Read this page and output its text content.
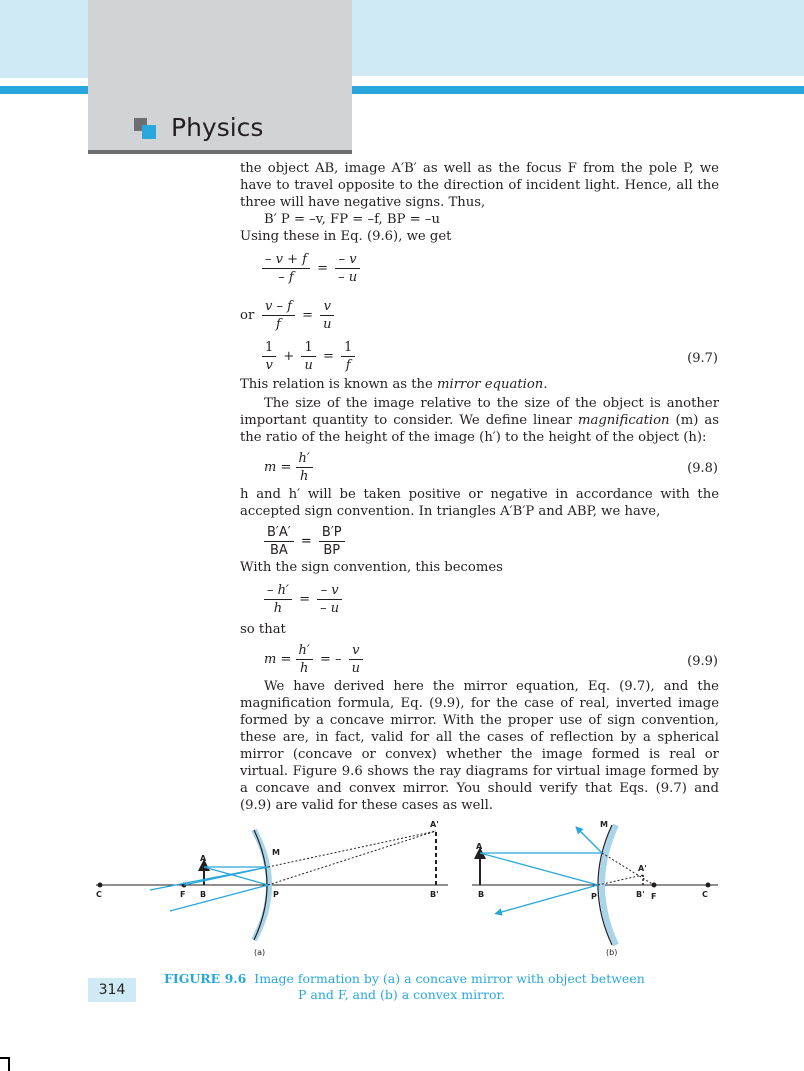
Physics
the object AB, image A′B′ as well as the focus F from the pole P, we have to travel opposite to the direction of incident light. Hence, all the three will have negative signs. Thus,
B′ P = –v, FP = –f, BP = –u
Using these in Eq. (9.6), we get
$\frac{- v + f}{- f} = \frac{- v}{- u}$
or $\frac{v - f}{f} = \frac{v}{u}$
$\frac{1}{v} + \frac{1}{u} = \frac{1}{f}$	(9.7)
This relation is known as the mirror equation.
The size of the image relative to the size of the object is another important quantity to consider. We define linear magnification (m) as the ratio of the height of the image (h′) to the height of the object (h):
$m = \frac{h'}{h}$	(9.8)
h and h′ will be taken positive or negative in accordance with the accepted sign convention. In triangles A′B′P and ABP, we have,
$\frac{B'A'}{BA} = \frac{B'P}{BP}$
With the sign convention, this becomes
$\frac{- h'}{h} = \frac{- v}{- u}$
so that
$m = \frac{h'}{h}$ = – $\frac{v}{u}$	(9.9)
We have derived here the mirror equation, Eq. (9.7), and the magnification formula, Eq. (9.9), for the case of real, inverted image formed by a concave mirror. With the proper use of sign convention, these are, in fact, valid for all the cases of reflection by a spherical mirror (concave or convex) whether the image formed is real or virtual. Figure 9.6 shows the ray diagrams for virtual image formed by a concave and convex mirror. You should verify that Eqs. (9.7) and (9.9) are valid for these cases as well.
C	F B
A
M
P
A'
B'
(a)
A
B
M
P
A'
B' F	C
(b)
314
FIGURE 9.6 Image formation by (a) a concave mirror with object between
P and F, and (b) a convex mirror.
